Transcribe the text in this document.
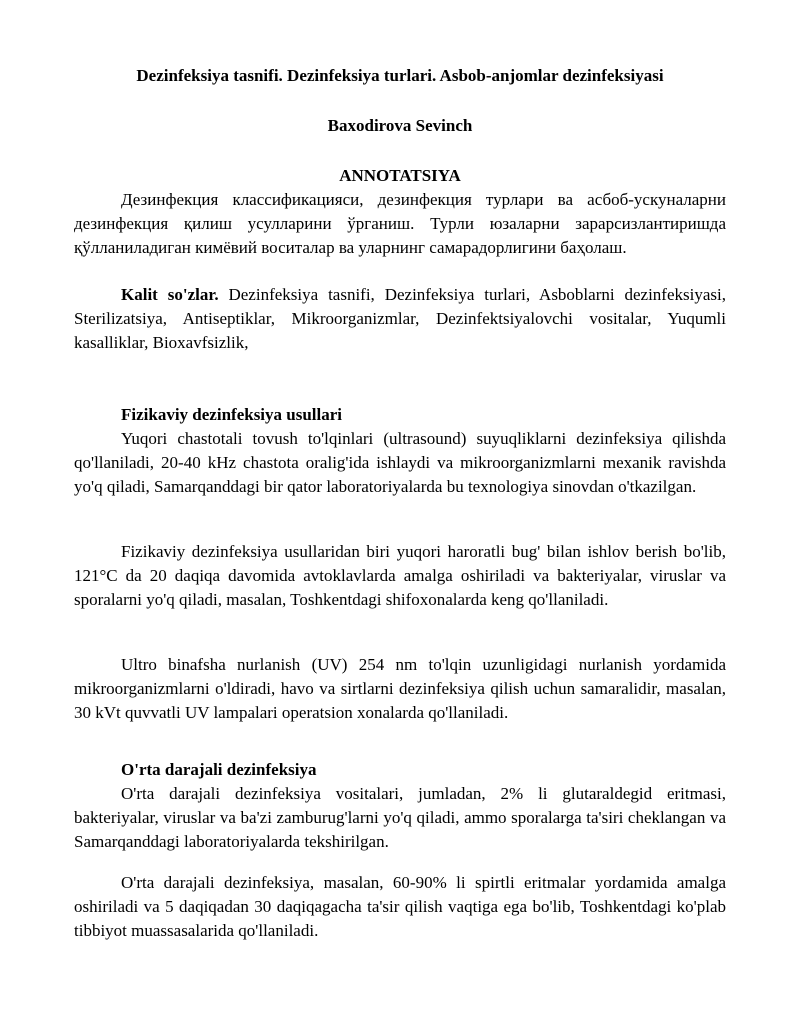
Dezinfeksiya tasnifi. Dezinfeksiya turlari. Asbob-anjomlar dezinfeksiyasi
Baxodirova Sevinch
ANNOTATSIYA

Дезинфекция классификацияси, дезинфекция турлари ва асбоб-ускуналарни дезинфекция қилиш усулларини ўрганиш. Турли юзаларни зарарсизлантиришда қўлланиладиган кимёвий воситалар ва уларнинг самарадорлигини баҳолаш.

Kalit so'zlar. Dezinfeksiya tasnifi, Dezinfeksiya turlari, Asboblarni dezinfeksiyasi, Sterilizatsiya, Antiseptiklar, Mikroorganizmlar, Dezinfektsiyalovchi vositalar, Yuqumli kasalliklar, Bioxavfsizlik,

Fizikaviy dezinfeksiya usullari

Yuqori chastotali tovush to'lqinlari (ultrasound) suyuqliklarni dezinfeksiya qilishda qo'llaniladi, 20-40 kHz chastota oralig'ida ishlaydi va mikroorganizmlarni mexanik ravishda yo'q qiladi, Samarqanddagi bir qator laboratoriyalarda bu texnologiya sinovdan o'tkazilgan.

Fizikaviy dezinfeksiya usullaridan biri yuqori haroratli bug' bilan ishlov berish bo'lib, 121°C da 20 daqiqa davomida avtoklavlarda amalga oshiriladi va bakteriyalar, viruslar va sporalarni yo'q qiladi, masalan, Toshkentdagi shifoxonalarda keng qo'llaniladi.

Ultro binafsha nurlanish (UV) 254 nm to'lqin uzunligidagi nurlanish yordamida mikroorganizmlarni o'ldiradi, havo va sirtlarni dezinfeksiya qilish uchun samaralidir, masalan, 30 kVt quvvatli UV lampalari operatsion xonalarda qo'llaniladi.

O'rta darajali dezinfeksiya

O'rta darajali dezinfeksiya vositalari, jumladan, 2% li glutaraldegid eritmasi, bakteriyalar, viruslar va ba'zi zamburug'larni yo'q qiladi, ammo sporalarga ta'siri cheklangan va Samarqanddagi laboratoriyalarda tekshirilgan.

O'rta darajali dezinfeksiya, masalan, 60-90% li spirtli eritmalar yordamida amalga oshiriladi va 5 daqiqadan 30 daqiqagacha ta'sir qilish vaqtiga ega bo'lib, Toshkentdagi ko'plab tibbiyot muassasalarida qo'llaniladi.
